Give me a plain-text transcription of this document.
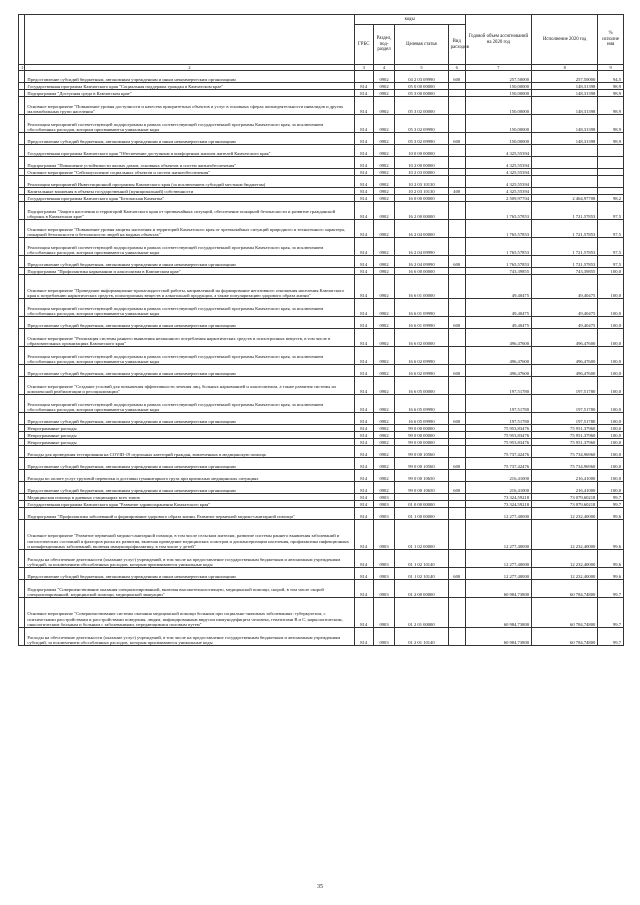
		коды				Годовой объем ассигнований на 2020 год	Исполнение 2020 год	% исполне ния
		ГРБС	Раздел, под-раздел	Целевая статья	Вид расходов			
1	2	3	4	5	6	7	8	9
	Предоставление субсидий бюджетным, автономным учреждениям и иным некоммерческим организациям		0902	04 2 03 09990	600	257,50000	257,50000	94,5
	Государственная программа Камчатского края "Социальная поддержка граждан в Камчатском крае"	814	0902	05 0 00 00000		150,00000	148,31398	98,9
	Подпрограмма "Доступная среда в Камчатском крае"	814	0902	05 3 00 00000		150,00000	148,31398	98,9
	Основное мероприятие "Повышение уровня доступности и качества приоритетных объектов и услуг в основных сферах жизнедеятельности инвалидов и других маломобильных групп населения"	814	0902	05 3 02 00000		150,00000	148,31398	98,9
	Реализация мероприятий соответствующей подпрограммы в рамках соответствующей государственной программы Камчатского края, за исключением обособленных расходов, которым присваиваются уникальные коды	814	0902	05 3 02 09990		150,00000	148,31398	98,9
	Предоставление субсидий бюджетным, автономным учреждениям и иным некоммерческим организациям	814	0902	05 3 02 09990	600	150,00000	148,31398	98,9
	Государственная программа Камчатского края "Обеспечение доступным и комфортным жильем жителей Камчатского края"	814	0902	10 0 00 00000		4 325,55394		
	Подпрограмма "Повышение устойчивости жилых домов, основных объектов и систем жизнеобеспечения"	814	0902	10 2 00 00000		4 325,55394		
	Основное мероприятие "Сейсмоусиление социальных объектов и систем жизнеобеспечения"	814	0902	10 2 03 00000		4 325,55394		
	Реализация мероприятий Инвестиционной программы Камчатского края (за исключением субсидий местным бюджетам)	814	0902	10 2 03 10130		4 325,55394		
	Капитальные вложения в объекты государственной (муниципальной) собственности	814	0902	10 2 03 10130	400	4 325,55394		
	Государственная программа Камчатского края "Безопасная Камчатка"	814	0902	16 0 00 00000		2 509,97704	2 464,97708	98,2
	Подпрограмма "Защита населения и территорий Камчатского края от чрезвычайных ситуаций, обеспечение пожарной безопасности и развитие гражданской обороны в Камчатском крае"	814	0902	16 2 00 00000		1 765,57853	1 721,57853	97,5
	Основное мероприятие "Повышение уровня защиты населения и территорий Камчатского края от чрезвычайных ситуаций природного и техногенного характера, пожарной безопасности и безопасности людей на водных объектах"	814	0902	16 2 04 00000		1 765,57853	1 721,57853	97,5
	Реализация мероприятий соответствующей подпрограммы в рамках соответствующей государственной программы Камчатского края, за исключением обособленных расходов, которым присваиваются уникальные коды	814	0902	16 2 04 09990		1 765,57853	1 721,57853	97,5
	Предоставление субсидий бюджетным, автономным учреждениям и иным некоммерческим организациям	814	0902	16 2 04 09990	600	1 765,57853	1 721,57853	97,5
	Подпрограмма "Профилактика наркомании и алкоголизма в Камчатском крае"	814	0902	16 6 00 00000		743,39855	743,39855	100,0
	Основное мероприятие "Проведение информационно-пропагандистской работы, направленной на формирование негативного отношения населения Камчатского края к потреблению наркотических средств, психотропных веществ и алкогольной продукции, а также популяризацию здорового образа жизни"	814	0902	16 6 01 00000		49,40475	49,40475	100,0
	Реализация мероприятий соответствующей подпрограммы в рамках соответствующей государственной программы Камчатского края, за исключением обособленных расходов, которым присваиваются уникальные коды	814	0902	16 6 01 09990		49,40475	49,40475	100,0
	Предоставление субсидий бюджетным, автономным учреждениям и иным некоммерческим организациям	814	0902	16 6 01 09990	600	49,40475	49,40475	100,0
	Основное мероприятие "Реализация системы раннего выявления незаконного потребления наркотических средств и психотропных веществ, в том числе в образовательных организациях Камчатского края"	814	0902	16 6 02 00000		496,47600	496,47600	100,0
	Реализация мероприятий соответствующей подпрограммы в рамках соответствующей государственной программы Камчатского края, за исключением обособленных расходов, которым присваиваются уникальные коды	814	0902	16 6 02 09990		496,47600	496,47600	100,0
	Предоставление субсидий бюджетным, автономным учреждениям и иным некоммерческим организациям	814	0902	16 6 02 09990	600	496,47600	496,47600	100,0
	Основное мероприятие "Создание условий для повышения эффективности лечения лиц, больных наркоманией и алкоголизмом, а также развития системы их комплексной реабилитации и ресоциализации"	814	0902	16 6 05 00000		197,51780	197,51780	100,0
	Реализация мероприятий соответствующей подпрограммы в рамках соответствующей государственной программы Камчатского края, за исключением обособленных расходов, которым присваиваются уникальные коды	814	0902	16 6 05 09990		197,51780	197,51780	100,0
	Предоставление субсидий бюджетным, автономным учреждениям и иным некоммерческим организациям	814	0902	16 6 05 09990	600	197,51780	197,51780	100,0
	Непрограммные расходы	814	0902	99 0 00 00000		75 953,83476	75 951,37960	100,0
	Непрограммные расходы	814	0902	99 0 00 00000		75 953,83476	75 951,37960	100,0
	Непрограммные расходы	814	0902	99 0 00 00000		75 953,83476	75 951,37960	100,0
	Расходы для проведения тестирования на COVID-19 отдельных категорий граждан, вовлеченных в медицинскую помощь	814	0902	99 0 00 10560		75 737,42476	75 734,96960	100,0
	Предоставление субсидий бюджетным, автономным учреждениям и иным некоммерческим организациям	814	0902	99 0 00 10560	600	75 737,42476	75 734,96960	100,0
	Расходы по оплате услуг грузовой перевозки и доставки гуманитарного груза при кризисных медицинских ситуациях	814	0902	99 0 00 10650		216,41000	216,41000	100,0
	Предоставление субсидий бюджетным, автономным учреждениям и иным некоммерческим организациям	814	0902	99 0 00 10650	600	216,41000	216,41000	100,0
	Медицинская помощь в дневных стационарах всех типов	814	0903			73 324,59218	73 079,60218	99,7
	Государственная программа Камчатского края "Развитие здравоохранения Камчатского края"	814	0903	01 0 00 00000		73 324,59218	73 079,60218	99,7
	Подпрограмма "Профилактика заболеваний и формирование здорового образа жизни. Развитие первичной медико-санитарной помощи"	814	0903	01 1 00 00000		12 277,40000	12 232,40000	99,6
	Основное мероприятие "Развитие первичной медико-санитарной помощи, в том числе сельским жителям, развитие системы раннего выявления заболеваний и патологических состояний и факторов риска их развития, включая проведение медицинских осмотров и диспансеризации населения, профилактика инфекционных и неинфекционных заболеваний, включая иммунопрофилактику, в том числе у детей"	814	0903	01 1 02 00000		12 277,40000	12 232,40000	99,6
	Расходы на обеспечение деятельности (оказание услуг) учреждений, в том числе на предоставление государственным бюджетным и автономным учреждениям субсидий, за исключением обособленных расходов, которым присваиваются уникальные коды	814	0903	01 1 02 10140		12 277,40000	12 232,40000	99,6
	Предоставление субсидий бюджетным, автономным учреждениям и иным некоммерческим организациям	814	0903	01 1 02 10140	600	12 277,40000	12 232,40000	99,6
	Подпрограмма "Совершенствование оказания специализированной, включая высокотехнологичную, медицинской помощи, скорой, в том числе скорой специализированной, медицинской помощи, медицинской эвакуации"	814	0903	01 2 00 00000		60 984,73800	60 784,74800	99,7
	Основное мероприятие "Совершенствование системы оказания медицинской помощи больным при социально-значимых заболеваниях: туберкулезом, с психическими расстройствами и расстройствами поведения, людям, инфицированным вирусом иммунодефицита человека, гепатитами B и C, наркологическим, онкологическим больным и больным с заболеваниями, передающимися половым путем"	814	0903	01 2 01 00000		60 984,73800	60 784,74800	99,7
	Расходы на обеспечение деятельности (оказание услуг) учреждений, в том числе на предоставление государственным бюджетным и автономным учреждениям субсидий, за исключением обособленных расходов, которым присваиваются уникальные коды	814	0903	01 2 01 10140		60 984,73800	60 784,74800	99,7
35
